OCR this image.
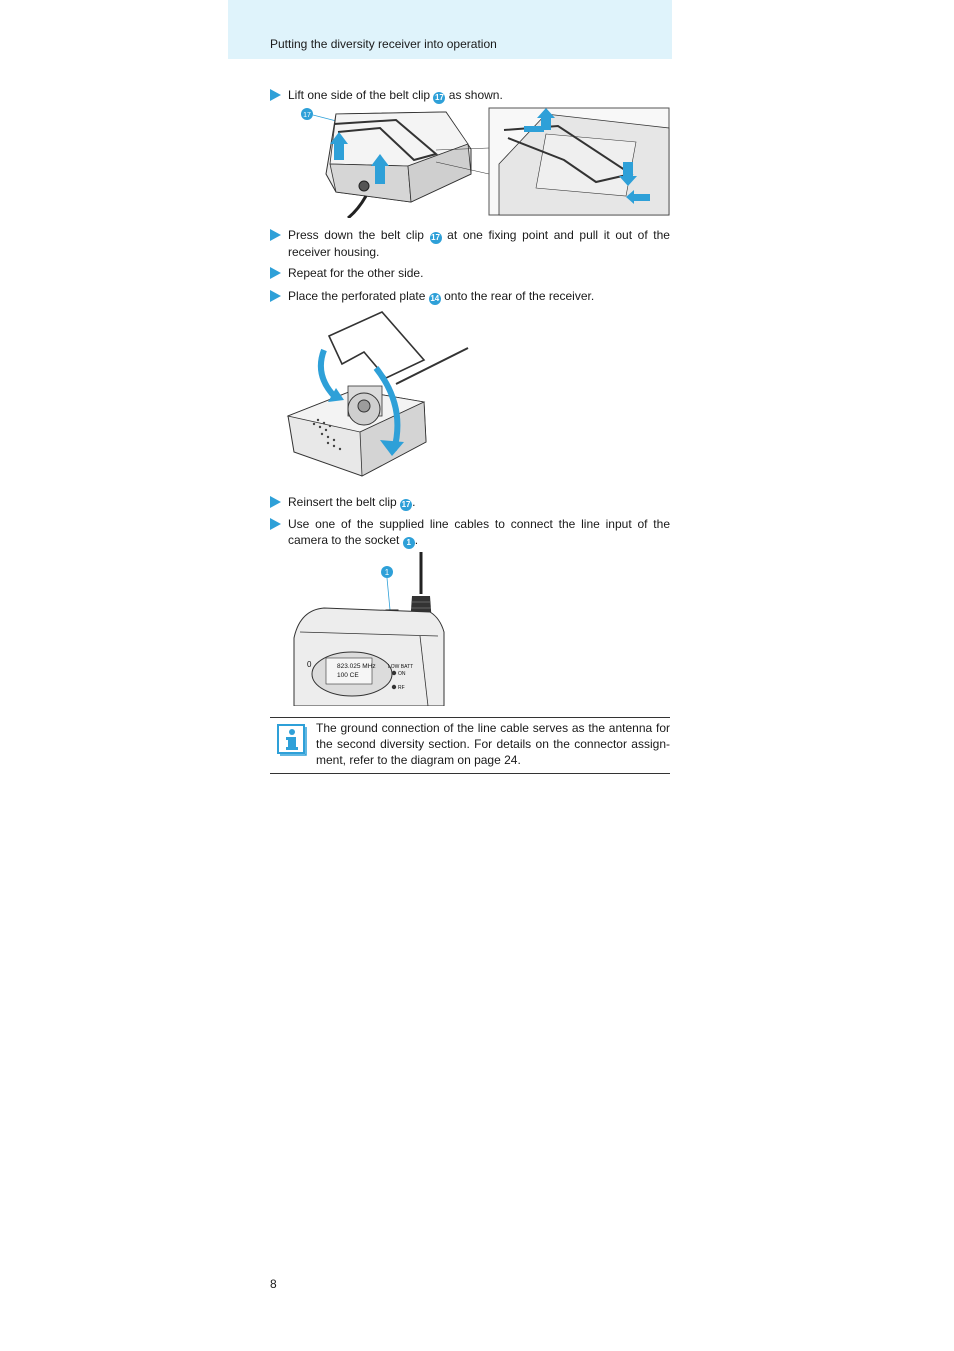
Putting the diversity receiver into operation
Lift one side of the belt clip 17 as shown.
17
Press down the belt clip 17 at one fixing point and pull it out of the receiver housing.
Repeat for the other side.
Place the perforated plate 14 onto the rear of the receiver.
Reinsert the belt clip 17 .
Use one of the supplied line cables to connect the line input of the camera to the socket 1 .
1
823.025 MHz
100 CE
0	LOW BATT
ON
RF
The ground connection of the line cable serves as the antenna for the second diversity section. For details on the connector assign-ment, refer to the diagram on page 24.
8
